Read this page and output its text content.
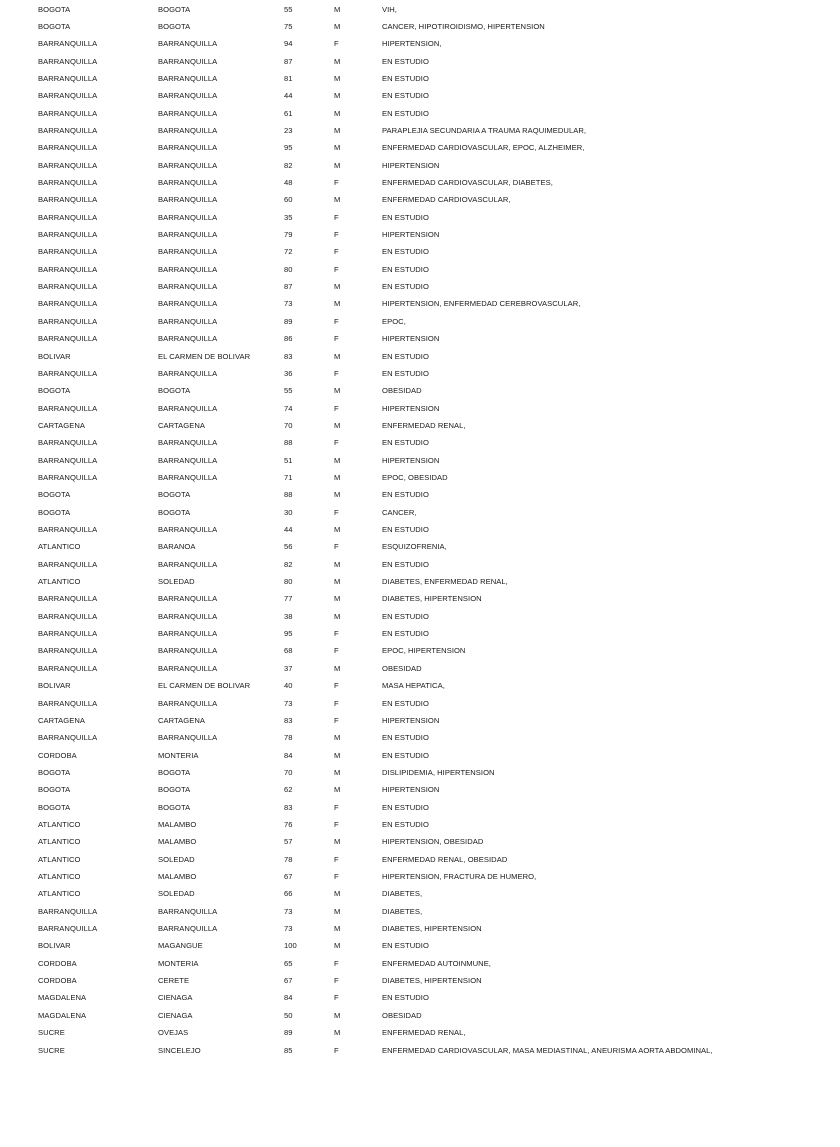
BOGOTA	BOGOTA	55	M	VIH,
BOGOTA	BOGOTA	75	M	CANCER, HIPOTIROIDISMO, HIPERTENSION
BARRANQUILLA	BARRANQUILLA	94	F	HIPERTENSION,
BARRANQUILLA	BARRANQUILLA	87	M	EN ESTUDIO
BARRANQUILLA	BARRANQUILLA	81	M	EN ESTUDIO
BARRANQUILLA	BARRANQUILLA	44	M	EN ESTUDIO
BARRANQUILLA	BARRANQUILLA	61	M	EN ESTUDIO
BARRANQUILLA	BARRANQUILLA	23	M	PARAPLEJIA SECUNDARIA A TRAUMA RAQUIMEDULAR,
BARRANQUILLA	BARRANQUILLA	95	M	ENFERMEDAD CARDIOVASCULAR, EPOC, ALZHEIMER,
BARRANQUILLA	BARRANQUILLA	82	M	HIPERTENSION
BARRANQUILLA	BARRANQUILLA	48	F	ENFERMEDAD CARDIOVASCULAR, DIABETES,
BARRANQUILLA	BARRANQUILLA	60	M	ENFERMEDAD CARDIOVASCULAR,
BARRANQUILLA	BARRANQUILLA	35	F	EN ESTUDIO
BARRANQUILLA	BARRANQUILLA	79	F	HIPERTENSION
BARRANQUILLA	BARRANQUILLA	72	F	EN ESTUDIO
BARRANQUILLA	BARRANQUILLA	80	F	EN ESTUDIO
BARRANQUILLA	BARRANQUILLA	87	M	EN ESTUDIO
BARRANQUILLA	BARRANQUILLA	73	M	HIPERTENSION, ENFERMEDAD CEREBROVASCULAR,
BARRANQUILLA	BARRANQUILLA	89	F	EPOC,
BARRANQUILLA	BARRANQUILLA	86	F	HIPERTENSION
BOLIVAR	EL CARMEN DE BOLIVAR	83	M	EN ESTUDIO
BARRANQUILLA	BARRANQUILLA	36	F	EN ESTUDIO
BOGOTA	BOGOTA	55	M	OBESIDAD
BARRANQUILLA	BARRANQUILLA	74	F	HIPERTENSION
CARTAGENA	CARTAGENA	70	M	ENFERMEDAD RENAL,
BARRANQUILLA	BARRANQUILLA	88	F	EN ESTUDIO
BARRANQUILLA	BARRANQUILLA	51	M	HIPERTENSION
BARRANQUILLA	BARRANQUILLA	71	M	EPOC, OBESIDAD
BOGOTA	BOGOTA	88	M	EN ESTUDIO
BOGOTA	BOGOTA	30	F	CANCER,
BARRANQUILLA	BARRANQUILLA	44	M	EN ESTUDIO
ATLANTICO	BARANOA	56	F	ESQUIZOFRENIA,
BARRANQUILLA	BARRANQUILLA	82	M	EN ESTUDIO
ATLANTICO	SOLEDAD	80	M	DIABETES, ENFERMEDAD RENAL,
BARRANQUILLA	BARRANQUILLA	77	M	DIABETES, HIPERTENSION
BARRANQUILLA	BARRANQUILLA	38	M	EN ESTUDIO
BARRANQUILLA	BARRANQUILLA	95	F	EN ESTUDIO
BARRANQUILLA	BARRANQUILLA	68	F	EPOC, HIPERTENSION
BARRANQUILLA	BARRANQUILLA	37	M	OBESIDAD
BOLIVAR	EL CARMEN DE BOLIVAR	40	F	MASA HEPATICA,
BARRANQUILLA	BARRANQUILLA	73	F	EN ESTUDIO
CARTAGENA	CARTAGENA	83	F	HIPERTENSION
BARRANQUILLA	BARRANQUILLA	78	M	EN ESTUDIO
CORDOBA	MONTERIA	84	M	EN ESTUDIO
BOGOTA	BOGOTA	70	M	DISLIPIDEMIA, HIPERTENSION
BOGOTA	BOGOTA	62	M	HIPERTENSION
BOGOTA	BOGOTA	83	F	EN ESTUDIO
ATLANTICO	MALAMBO	76	F	EN ESTUDIO
ATLANTICO	MALAMBO	57	M	HIPERTENSION, OBESIDAD
ATLANTICO	SOLEDAD	78	F	ENFERMEDAD RENAL, OBESIDAD
ATLANTICO	MALAMBO	67	F	HIPERTENSION, FRACTURA DE HUMERO,
ATLANTICO	SOLEDAD	66	M	DIABETES,
BARRANQUILLA	BARRANQUILLA	73	M	DIABETES,
BARRANQUILLA	BARRANQUILLA	73	M	DIABETES, HIPERTENSION
BOLIVAR	MAGANGUE	100	M	EN ESTUDIO
CORDOBA	MONTERIA	65	F	ENFERMEDAD AUTOINMUNE,
CORDOBA	CERETE	67	F	DIABETES, HIPERTENSION
MAGDALENA	CIENAGA	84	F	EN ESTUDIO
MAGDALENA	CIENAGA	50	M	OBESIDAD
SUCRE	OVEJAS	89	M	ENFERMEDAD RENAL,
SUCRE	SINCELEJO	85	F	ENFERMEDAD CARDIOVASCULAR, MASA MEDIASTINAL, ANEURISMA AORTA ABDOMINAL,
